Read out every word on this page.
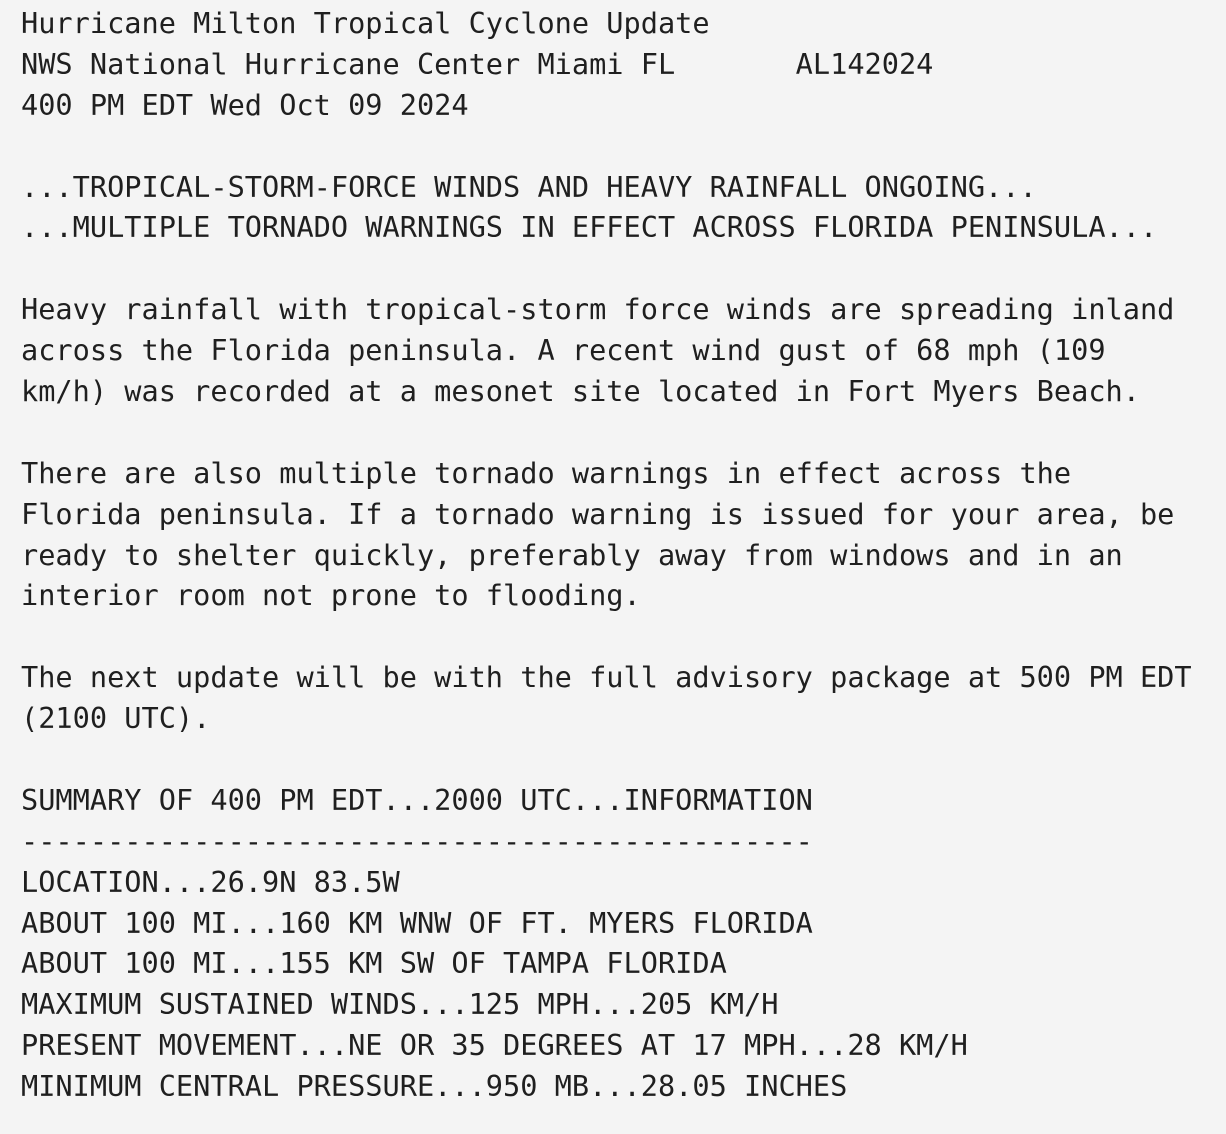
Hurricane Milton Tropical Cyclone Update
NWS National Hurricane Center Miami FL       AL142024
400 PM EDT Wed Oct 09 2024
...TROPICAL-STORM-FORCE WINDS AND HEAVY RAINFALL ONGOING...
...MULTIPLE TORNADO WARNINGS IN EFFECT ACROSS FLORIDA PENINSULA...
Heavy rainfall with tropical-storm force winds are spreading inland
across the Florida peninsula. A recent wind gust of 68 mph (109
km/h) was recorded at a mesonet site located in Fort Myers Beach.
There are also multiple tornado warnings in effect across the
Florida peninsula. If a tornado warning is issued for your area, be
ready to shelter quickly, preferably away from windows and in an
interior room not prone to flooding.
The next update will be with the full advisory package at 500 PM EDT
(2100 UTC).
SUMMARY OF 400 PM EDT...2000 UTC...INFORMATION
----------------------------------------------
LOCATION...26.9N 83.5W
ABOUT 100 MI...160 KM WNW OF FT. MYERS FLORIDA
ABOUT 100 MI...155 KM SW OF TAMPA FLORIDA
MAXIMUM SUSTAINED WINDS...125 MPH...205 KM/H
PRESENT MOVEMENT...NE OR 35 DEGREES AT 17 MPH...28 KM/H
MINIMUM CENTRAL PRESSURE...950 MB...28.05 INCHES
